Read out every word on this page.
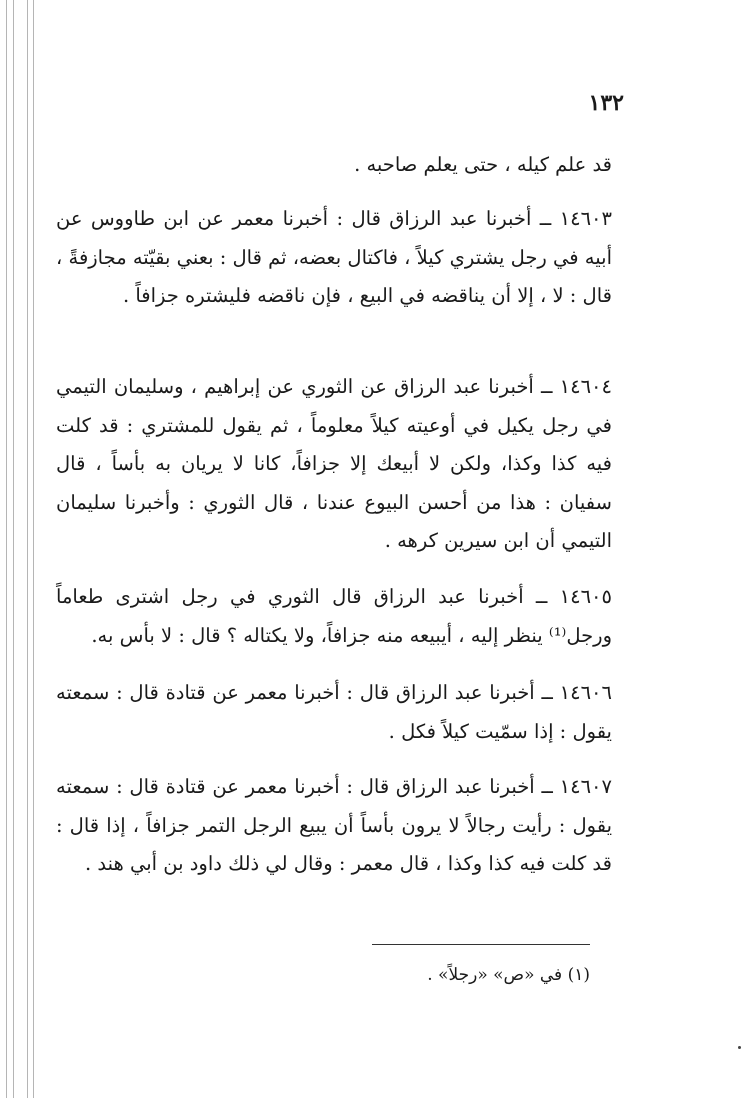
١٣٢

قد علم كيله ، حتى يعلم صاحبه .

١٤٦٠٣ ــ أخبرنا عبد الرزاق قال : أخبرنا معمر عن ابن طاووس عن أبيه في رجل يشتري كيلاً ، فاكتال بعضه، ثم قال : بعني بقيّته مجازفةً ، قال : لا ، إلا أن يناقضه في البيع ، فإن ناقضه فليشتره جزافاً .

١٤٦٠٤ ــ أخبرنا عبد الرزاق عن الثوري عن إبراهيم ، وسليمان التيمي في رجل يكيل في أوعيته كيلاً معلوماً ، ثم يقول للمشتري : قد كلت فيه كذا وكذا، ولكن لا أبيعك إلا جزافاً، كانا لا يريان به بأساً ، قال سفيان : هذا من أحسن البيوع عندنا ، قال الثوري : وأخبرنا سليمان التيمي أن ابن سيرين كرهه .

١٤٦٠٥ ــ أخبرنا عبد الرزاق قال الثوري في رجل اشترى طعاماً ورجل⁽¹⁾ ينظر إليه ، أيبيعه منه جزافاً، ولا يكتاله ؟ قال : لا بأس به.

١٤٦٠٦ ــ أخبرنا عبد الرزاق قال : أخبرنا معمر عن قتادة قال : سمعته يقول : إذا سمّيت كيلاً فكل .

١٤٦٠٧ ــ أخبرنا عبد الرزاق قال : أخبرنا معمر عن قتادة قال : سمعته يقول : رأيت رجالاً لا يرون بأساً أن يبيع الرجل التمر جزافاً ، إذا قال : قد كلت فيه كذا وكذا ، قال معمر : وقال لي ذلك داود بن أبي هند .

(١) في «ص» «رجلاً» .
